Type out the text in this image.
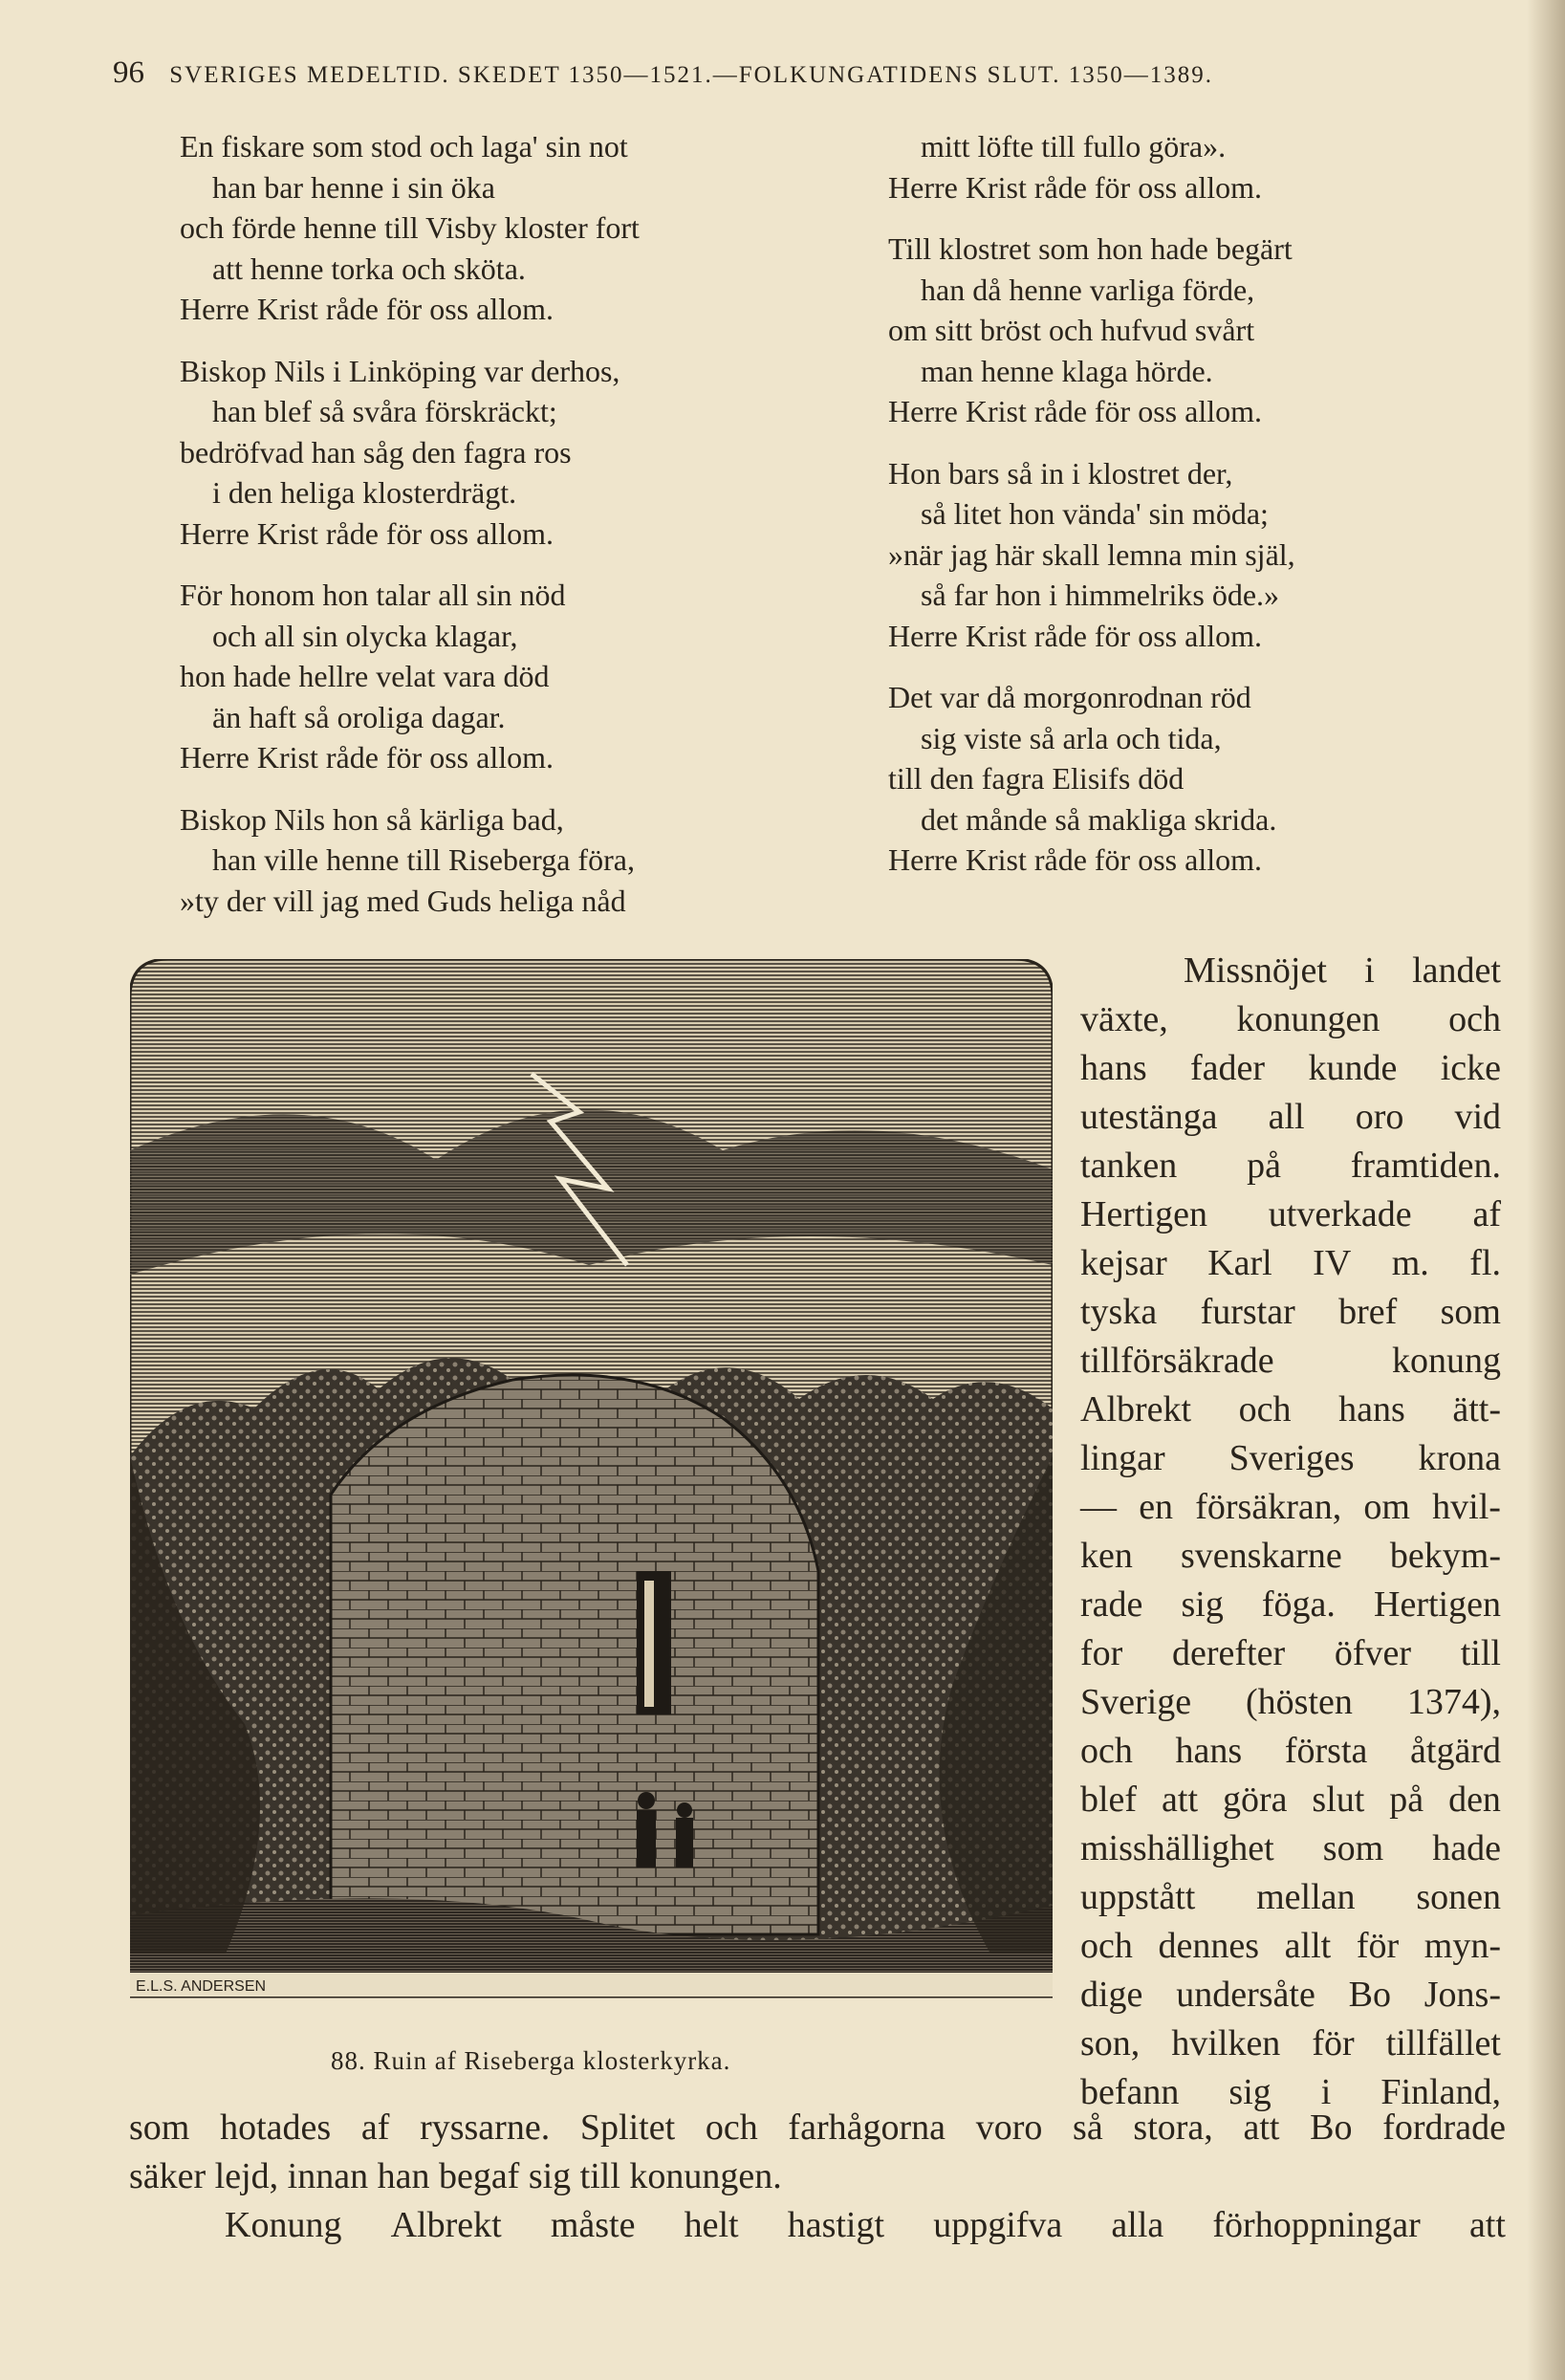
96 SVERIGES MEDELTID. SKEDET 1350—1521.—FOLKUNGATIDENS SLUT. 1350—1389.
En fiskare som stod och laga' sin not
han bar henne i sin öka
och förde henne till Visby kloster fort
att henne torka och sköta.
Herre Krist råde för oss allom.
Biskop Nils i Linköping var derhos,
han blef så svåra förskräckt;
bedröfvad han såg den fagra ros
i den heliga klosterdrägt.
Herre Krist råde för oss allom.
För honom hon talar all sin nöd
och all sin olycka klagar,
hon hade hellre velat vara död
än haft så oroliga dagar.
Herre Krist råde för oss allom.
Biskop Nils hon så kärliga bad,
han ville henne till Riseberga föra,
»ty der vill jag med Guds heliga nåd
mitt löfte till fullo göra».
Herre Krist råde för oss allom.
Till klostret som hon hade begärt
han då henne varliga förde,
om sitt bröst och hufvud svårt
man henne klaga hörde.
Herre Krist råde för oss allom.
Hon bars så in i klostret der,
så litet hon vända' sin möda;
»när jag här skall lemna min själ,
så far hon i himmelriks öde.»
Herre Krist råde för oss allom.
Det var då morgonrodnan röd
sig viste så arla och tida,
till den fagra Elisifs död
det månde så makliga skrida.
Herre Krist råde för oss allom.
E.L.S. ANDERSEN
88. Ruin af Riseberga klosterkyrka.
Missnöjet i landet
växte, konungen och
hans fader kunde icke
utestänga all oro vid
tanken på framtiden.
Hertigen utverkade af
kejsar Karl IV m. fl.
tyska furstar bref som
tillförsäkrade	konung
Albrekt och hans ätt-
lingar Sveriges krona
— en försäkran, om hvil-
ken svenskarne bekym-
rade sig föga. Hertigen
for derefter öfver till
Sverige (hösten 1374),
och hans första åtgärd
blef att göra slut på den
misshällighet som hade
uppstått mellan sonen
och dennes allt för myn-
dige undersåte Bo Jons-
son, hvilken för tillfället
befann sig i Finland,
som hotades af ryssarne. Splitet och farhågorna voro så stora, att Bo fordrade
säker lejd, innan han begaf sig till konungen.
Konung Albrekt måste helt hastigt uppgifva alla förhoppningar att
